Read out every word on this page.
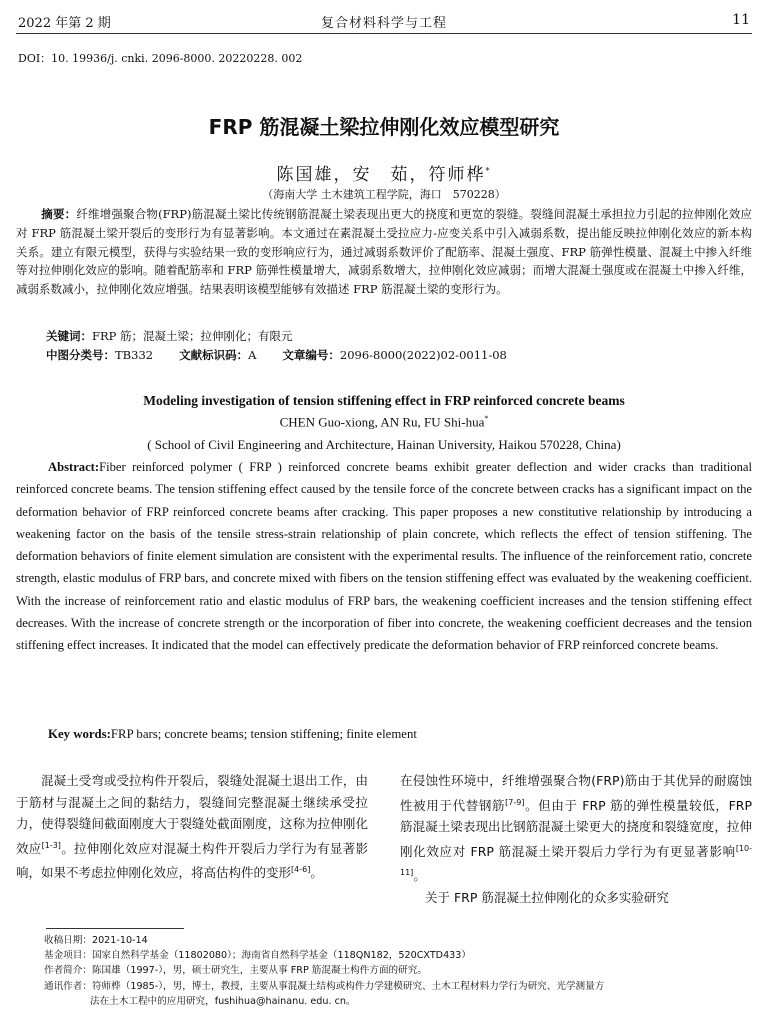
2022 年第 2 期	复合材料科学与工程	11
DOI：10. 19936/j. cnki. 2096-8000. 20220228. 002
FRP 筋混凝土梁拉伸刚化效应模型研究
陈国雄，安　茹，符师桦*
（海南大学 土木建筑工程学院，海口　570228）
摘要：纤维增强聚合物(FRP)筋混凝土梁比传统钢筋混凝土梁表现出更大的挠度和更宽的裂缝。裂缝间混凝土承担拉力引起的拉伸刚化效应对 FRP 筋混凝土梁开裂后的变形行为有显著影响。本文通过在素混凝土受拉应力-应变关系中引入减弱系数，提出能反映拉伸刚化效应的新本构关系。建立有限元模型，获得与实验结果一致的变形响应行为，通过减弱系数评价了配筋率、混凝土强度、FRP 筋弹性模量、混凝土中掺入纤维等对拉伸刚化效应的影响。随着配筋率和 FRP 筋弹性模量增大，减弱系数增大，拉伸刚化效应减弱；而增大混凝土强度或在混凝土中掺入纤维，减弱系数减小，拉伸刚化效应增强。结果表明该模型能够有效描述 FRP 筋混凝土梁的变形行为。
关键词：FRP 筋；混凝土梁；拉伸刚化；有限元
中图分类号：TB332 文献标识码：A 文章编号：2096-8000(2022)02-0011-08
Modeling investigation of tension stiffening effect in FRP reinforced concrete beams
CHEN Guo-xiong, AN Ru, FU Shi-hua*
( School of Civil Engineering and Architecture, Hainan University, Haikou 570228, China)
Abstract:Fiber reinforced polymer ( FRP ) reinforced concrete beams exhibit greater deflection and wider cracks than traditional reinforced concrete beams. The tension stiffening effect caused by the tensile force of the concrete between cracks has a significant impact on the deformation behavior of FRP reinforced concrete beams after cracking. This paper proposes a new constitutive relationship by introducing a weakening factor on the basis of the tensile stress-strain relationship of plain concrete, which reflects the effect of tension stiffening. The deformation behaviors of finite element simulation are consistent with the experimental results. The influence of the reinforcement ratio, concrete strength, elastic modulus of FRP bars, and concrete mixed with fibers on the tension stiffening effect was evaluated by the weakening coefficient. With the increase of reinforcement ratio and elastic modulus of FRP bars, the weakening coefficient increases and the tension stiffening effect decreases. With the increase of concrete strength or the incorporation of fiber into concrete, the weakening coefficient decreases and the tension stiffening effect increases. It indicated that the model can effectively predicate the deformation behavior of FRP reinforced concrete beams.
Key words:FRP bars; concrete beams; tension stiffening; finite element
混凝土受弯或受拉构件开裂后，裂缝处混凝土退出工作，由于筋材与混凝土之间的黏结力，裂缝间完整混凝土继续承受拉力，使得裂缝间截面刚度大于裂缝处截面刚度，这称为拉伸刚化效应[1-3]。拉伸刚化效应对混凝土构件开裂后力学行为有显著影响，如果不考虑拉伸刚化效应，将高估构件的变形[4-6]。
在侵蚀性环境中，纤维增强聚合物(FRP)筋由于其优异的耐腐蚀性被用于代替钢筋[7-9]。但由于 FRP 筋的弹性模量较低，FRP 筋混凝土梁表现出比钢筋混凝土梁更大的挠度和裂缝宽度，拉伸刚化效应对 FRP 筋混凝土梁开裂后力学行为有更显著影响[10-11]。
关于 FRP 筋混凝土拉伸刚化的众多实验研究
收稿日期：2021-10-14
基金项目：国家自然科学基金（11802080）；海南省自然科学基金（118QN182，520CXTD433）
作者简介：陈国雄（1997-），男，硕士研究生，主要从事 FRP 筋混凝土构件方面的研究。
通讯作者：符师桦（1985-），男，博士，教授，主要从事混凝土结构或构件力学建模研究、土木工程材料力学行为研究、光学测量方
法在土木工程中的应用研究，fushihua@hainanu. edu. cn。
